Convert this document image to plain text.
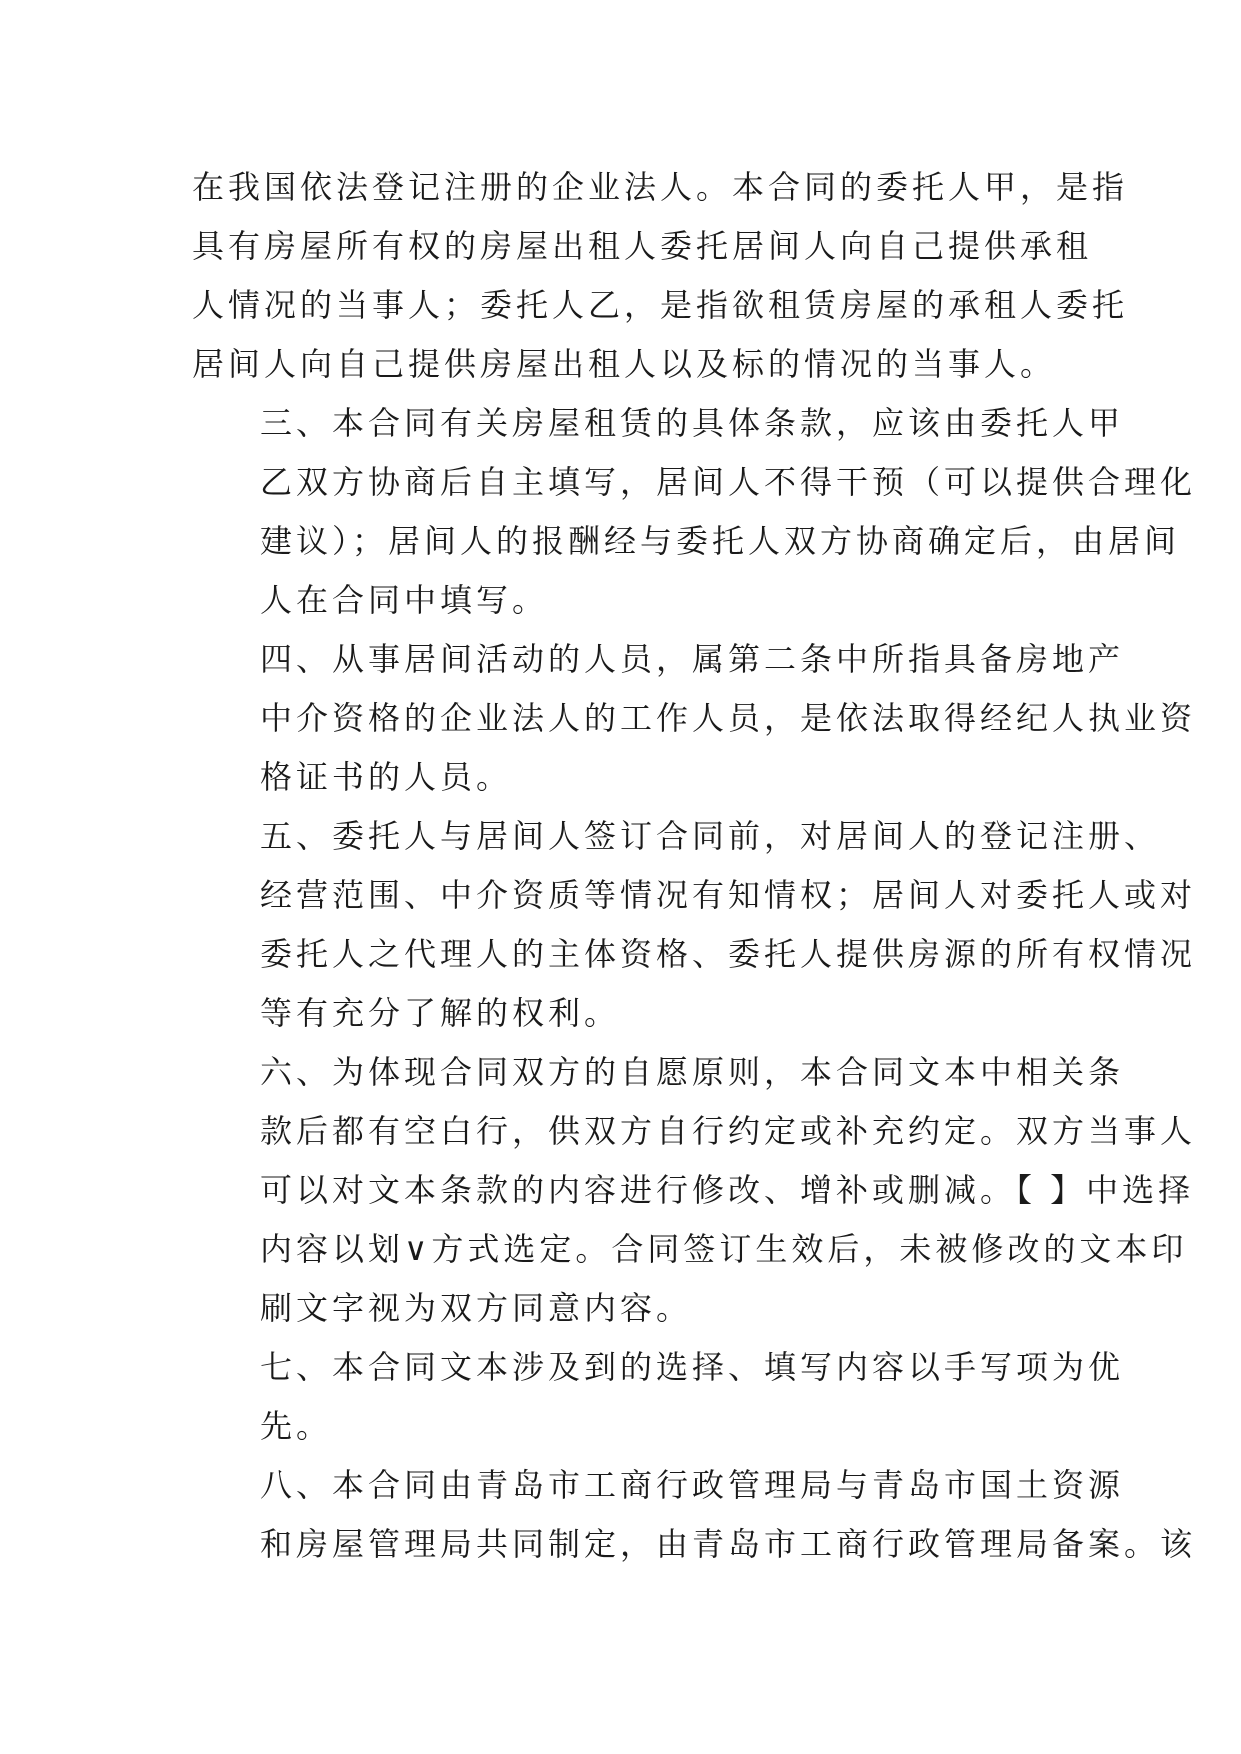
在我国依法登记注册的企业法人。本合同的委托人甲，是指
具有房屋所有权的房屋出租人委托居间人向自己提供承租
人情况的当事人；委托人乙，是指欲租赁房屋的承租人委托
居间人向自己提供房屋出租人以及标的情况的当事人。

三、本合同有关房屋租赁的具体条款，应该由委托人甲
乙双方协商后自主填写，居间人不得干预（可以提供合理化
建议）；居间人的报酬经与委托人双方协商确定后，由居间
人在合同中填写。

四、从事居间活动的人员，属第二条中所指具备房地产
中介资格的企业法人的工作人员，是依法取得经纪人执业资
格证书的人员。

五、委托人与居间人签订合同前，对居间人的登记注册、
经营范围、中介资质等情况有知情权；居间人对委托人或对
委托人之代理人的主体资格、委托人提供房源的所有权情况
等有充分了解的权利。

六、为体现合同双方的自愿原则，本合同文本中相关条
款后都有空白行，供双方自行约定或补充约定。双方当事人
可以对文本条款的内容进行修改、增补或删减。【 】中选择
内容以划∨方式选定。合同签订生效后，未被修改的文本印
刷文字视为双方同意内容。

七、本合同文本涉及到的选择、填写内容以手写项为优
先。

八、本合同由青岛市工商行政管理局与青岛市国土资源
和房屋管理局共同制定，由青岛市工商行政管理局备案。该
